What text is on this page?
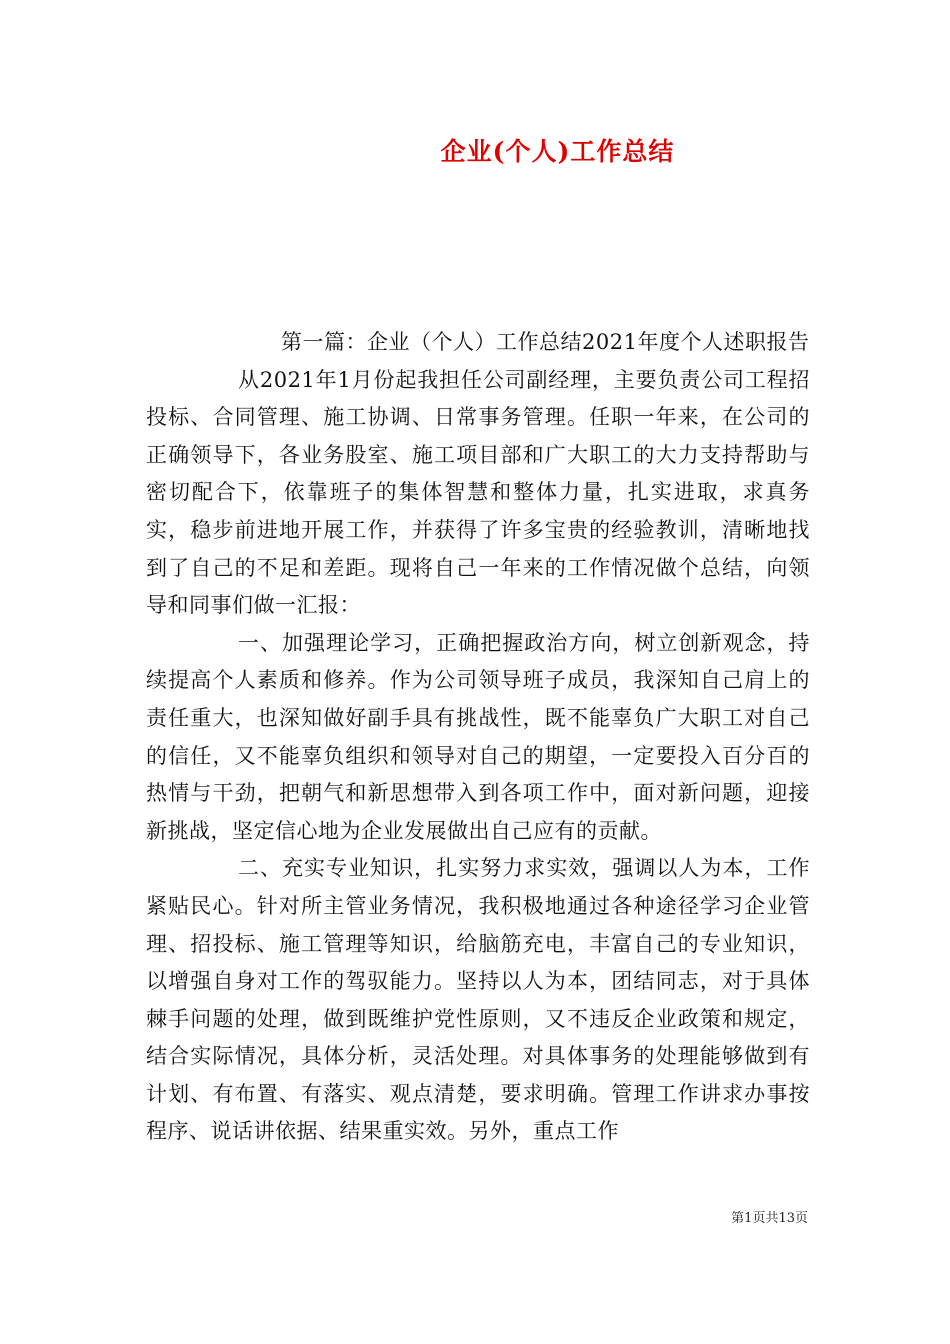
企业(个人)工作总结

第一篇：企业（个人）工作总结2021年度个人述职报告

从2021年1月份起我担任公司副经理，主要负责公司工程招投标、合同管理、施工协调、日常事务管理。任职一年来，在公司的正确领导下，各业务股室、施工项目部和广大职工的大力支持帮助与密切配合下，依靠班子的集体智慧和整体力量，扎实进取，求真务实，稳步前进地开展工作，并获得了许多宝贵的经验教训，清晰地找到了自己的不足和差距。现将自己一年来的工作情况做个总结，向领导和同事们做一汇报：

一、加强理论学习，正确把握政治方向，树立创新观念，持续提高个人素质和修养。作为公司领导班子成员，我深知自己肩上的责任重大，也深知做好副手具有挑战性，既不能辜负广大职工对自己的信任，又不能辜负组织和领导对自己的期望，一定要投入百分百的热情与干劲，把朝气和新思想带入到各项工作中，面对新问题，迎接新挑战，坚定信心地为企业发展做出自己应有的贡献。

二、充实专业知识，扎实努力求实效，强调以人为本，工作紧贴民心。针对所主管业务情况，我积极地通过各种途径学习企业管理、招投标、施工管理等知识，给脑筋充电，丰富自己的专业知识，以增强自身对工作的驾驭能力。坚持以人为本，团结同志，对于具体棘手问题的处理，做到既维护党性原则，又不违反企业政策和规定，结合实际情况，具体分析，灵活处理。对具体事务的处理能够做到有计划、有布置、有落实、观点清楚，要求明确。管理工作讲求办事按程序、说话讲依据、结果重实效。另外，重点工作

第1页共13页
